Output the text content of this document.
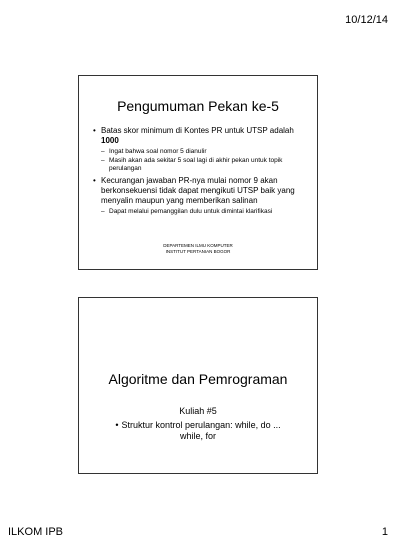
10/12/14
Pengumuman Pekan ke-5
• Batas skor minimum di Kontes PR untuk UTSP adalah 1000
– Ingat bahwa soal nomor 5 dianulir
– Masih akan ada sekitar 5 soal lagi di akhir pekan untuk topik perulangan
• Kecurangan jawaban PR-nya mulai nomor 9 akan berkonsekuensi tidak dapat mengikuti UTSP baik yang menyalin maupun yang memberikan salinan
– Dapat melalui pemanggilan dulu untuk dimintai klarifikasi
DEPARTEMEN ILMU KOMPUTER
INSTITUT PERTANIAN BOGOR
Algoritme dan Pemrograman
Kuliah #5
• Struktur kontrol perulangan: while, do ...
while, for
ILKOM IPB	1
